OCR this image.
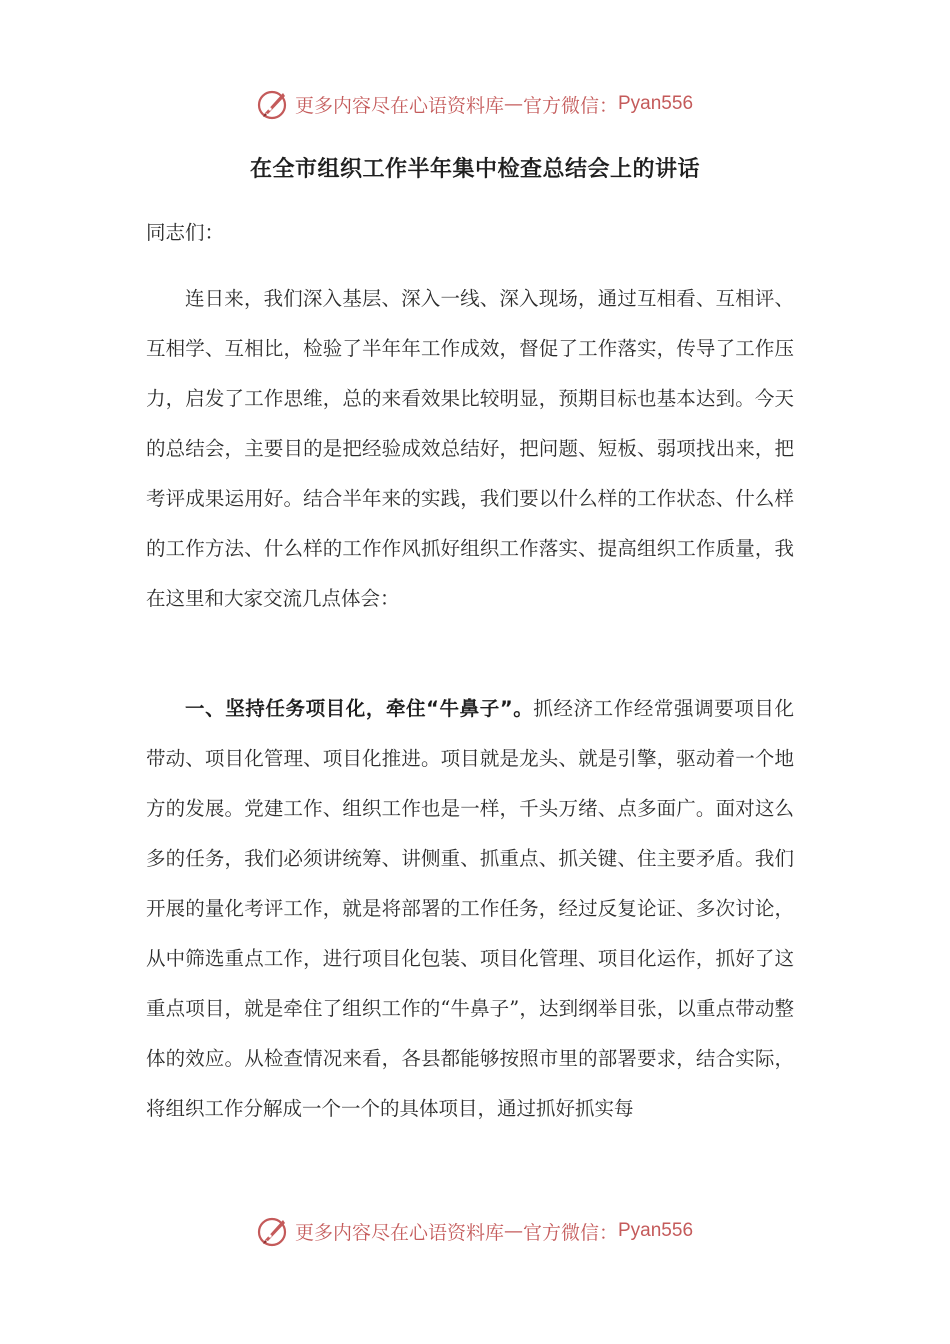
更多内容尽在心语资料库 — 官方微信： Pyan556
在全市组织工作半年集中检查总结会上的讲话
同志们：
连日来，我们深入基层、深入一线、深入现场，通过互相看、互相评、互相学、互相比，检验了半年年工作成效，督促了工作落实，传导了工作压力，启发了工作思维，总的来看效果比较明显，预期目标也基本达到。今天的总结会，主要目的是把经验成效总结好，把问题、短板、弱项找出来，把考评成果运用好。结合半年来的实践，我们要以什么样的工作状态、什么样的工作方法、什么样的工作作风抓好组织工作落实、提高组织工作质量，我在这里和大家交流几点体会：
一、坚持任务项目化，牵住“牛鼻子”。抓经济工作经常强调要项目化带动、项目化管理、项目化推进。项目就是龙头、就是引擎，驱动着一个地方的发展。党建工作、组织工作也是一样，千头万绪、点多面广。面对这么多的任务，我们必须讲统筹、讲侧重、抓重点、抓关键、住主要矛盾。我们开展的量化考评工作，就是将部署的工作任务，经过反复论证、多次讨论，从中筛选重点工作，进行项目化包装、项目化管理、项目化运作，抓好了这重点项目，就是牵住了组织工作的“牛鼻子”，达到纲举目张，以重点带动整体的效应。从检查情况来看，各县都能够按照市里的部署要求，结合实际，将组织工作分解成一个一个的具体项目，通过抓好抓实每
更多内容尽在心语资料库 — 官方微信： Pyan556
